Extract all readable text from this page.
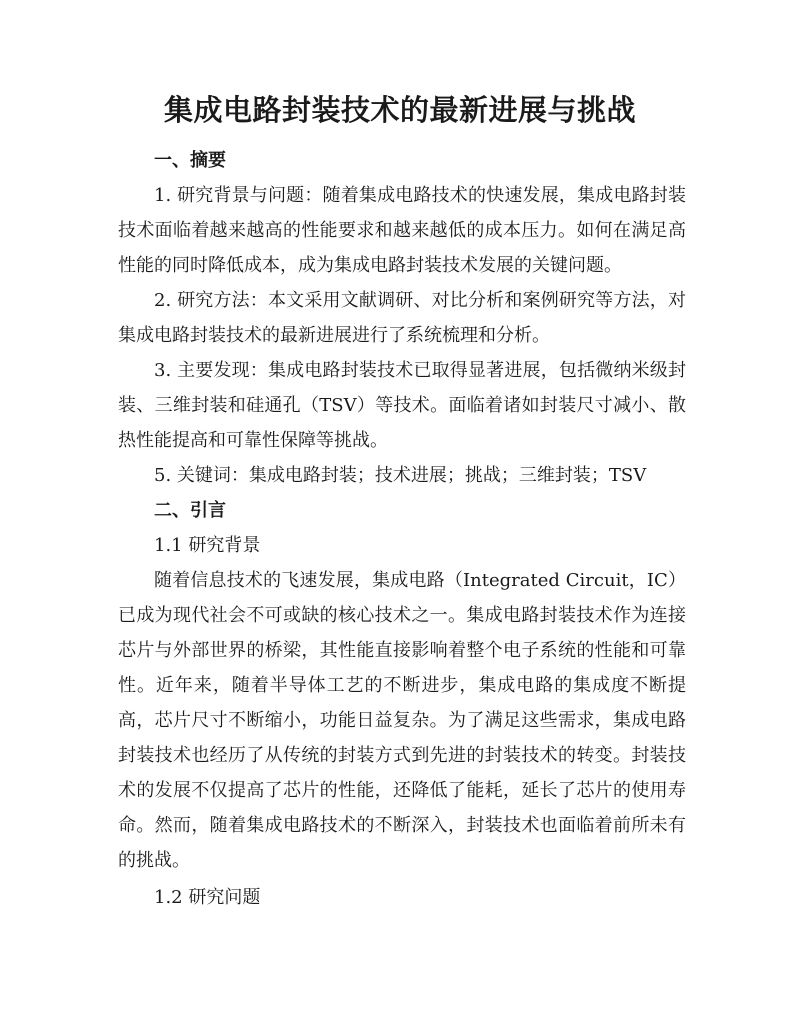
集成电路封装技术的最新进展与挑战

一、摘要

1. 研究背景与问题：随着集成电路技术的快速发展，集成电路封装技术面临着越来越高的性能要求和越来越低的成本压力。如何在满足高性能的同时降低成本，成为集成电路封装技术发展的关键问题。

2. 研究方法：本文采用文献调研、对比分析和案例研究等方法，对集成电路封装技术的最新进展进行了系统梳理和分析。

3. 主要发现：集成电路封装技术已取得显著进展，包括微纳米级封装、三维封装和硅通孔（TSV）等技术。面临着诸如封装尺寸减小、散热性能提高和可靠性保障等挑战。

5. 关键词：集成电路封装；技术进展；挑战；三维封装；TSV

二、引言

1.1 研究背景

随着信息技术的飞速发展，集成电路（Integrated Circuit，IC）已成为现代社会不可或缺的核心技术之一。集成电路封装技术作为连接芯片与外部世界的桥梁，其性能直接影响着整个电子系统的性能和可靠性。近年来，随着半导体工艺的不断进步，集成电路的集成度不断提高，芯片尺寸不断缩小，功能日益复杂。为了满足这些需求，集成电路封装技术也经历了从传统的封装方式到先进的封装技术的转变。封装技术的发展不仅提高了芯片的性能，还降低了能耗，延长了芯片的使用寿命。然而，随着集成电路技术的不断深入，封装技术也面临着前所未有的挑战。

1.2 研究问题
